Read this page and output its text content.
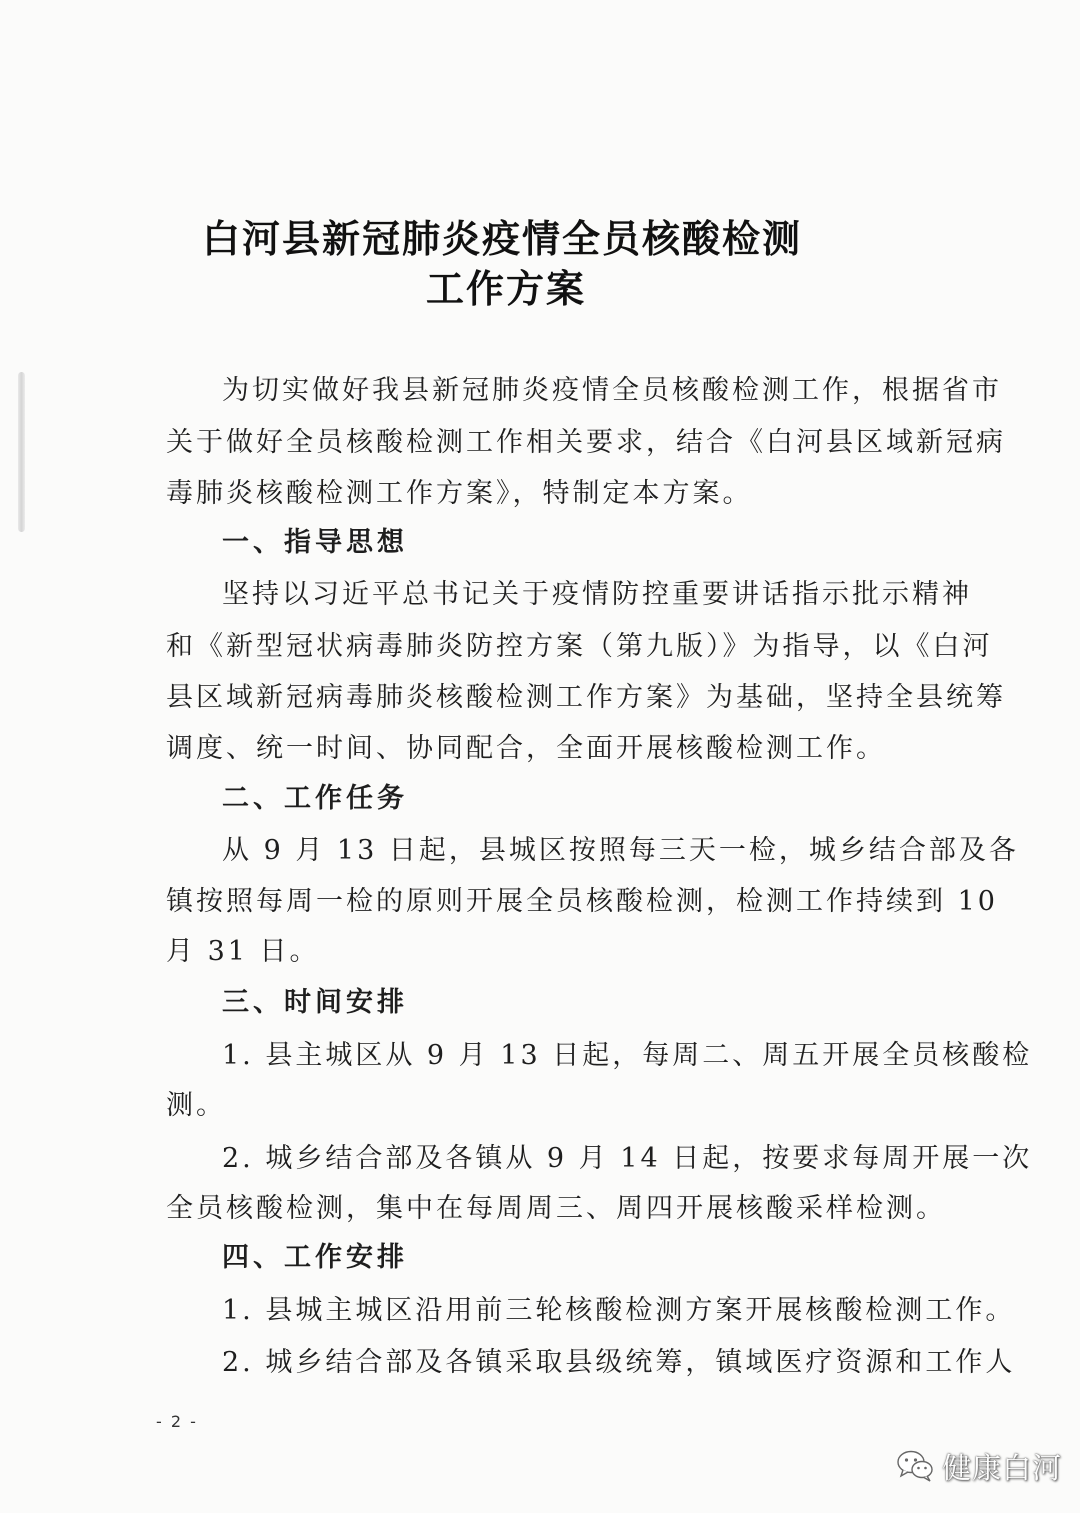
白河县新冠肺炎疫情全员核酸检测
工作方案

为切实做好我县新冠肺炎疫情全员核酸检测工作，根据省市

关于做好全员核酸检测工作相关要求，结合《白河县区域新冠病

毒肺炎核酸检测工作方案》，特制定本方案。

一、指导思想

坚持以习近平总书记关于疫情防控重要讲话指示批示精神

和《新型冠状病毒肺炎防控方案（第九版）》为指导，以《白河

县区域新冠病毒肺炎核酸检测工作方案》为基础，坚持全县统筹

调度、统一时间、协同配合，全面开展核酸检测工作。

二、工作任务

从 9 月 13 日起，县城区按照每三天一检，城乡结合部及各

镇按照每周一检的原则开展全员核酸检测，检测工作持续到 10

月 31 日。

三、时间安排

1. 县主城区从 9 月 13 日起，每周二、周五开展全员核酸检

测。

2. 城乡结合部及各镇从 9 月 14 日起，按要求每周开展一次

全员核酸检测，集中在每周周三、周四开展核酸采样检测。

四、工作安排

1. 县城主城区沿用前三轮核酸检测方案开展核酸检测工作。

2. 城乡结合部及各镇采取县级统筹，镇域医疗资源和工作人

- 2 -
健康白河
